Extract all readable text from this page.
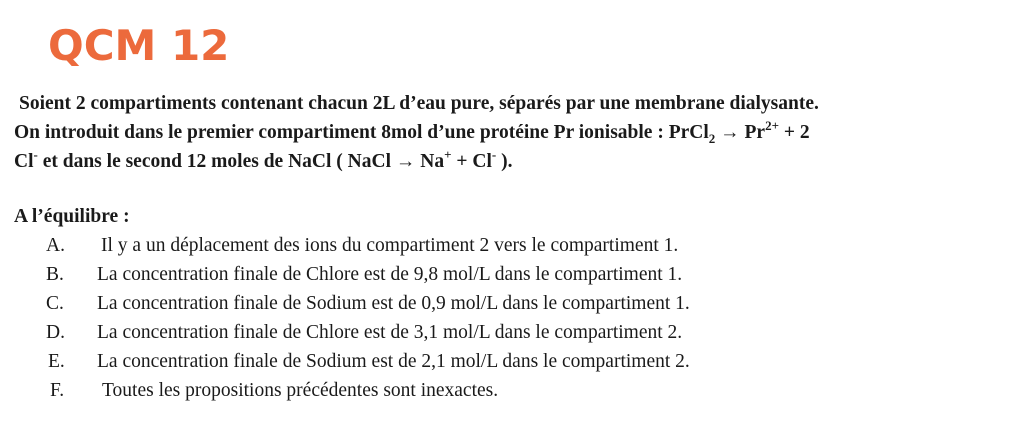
QCM 12
Soient 2 compartiments contenant chacun 2L d’eau pure, séparés par une membrane dialysante.
On introduit dans le premier compartiment 8mol d’une protéine Pr ionisable : PrCl$_2$ → $Pr^{2+} + 2$
Cl- et dans le second 12 moles de NaCl ( NaCl → Na+ + Cl- ).
A l’équilibre :
A. Il y a un déplacement des ions du compartiment 2 vers le compartiment 1.
B. La concentration finale de Chlore est de 9,8 mol/L dans le compartiment 1.
C. La concentration finale de Sodium est de 0,9 mol/L dans le compartiment 1.
D. La concentration finale de Chlore est de 3,1 mol/L dans le compartiment 2.
E. La concentration finale de Sodium est de 2,1 mol/L dans le compartiment 2.
F. Toutes les propositions précédentes sont inexactes.
